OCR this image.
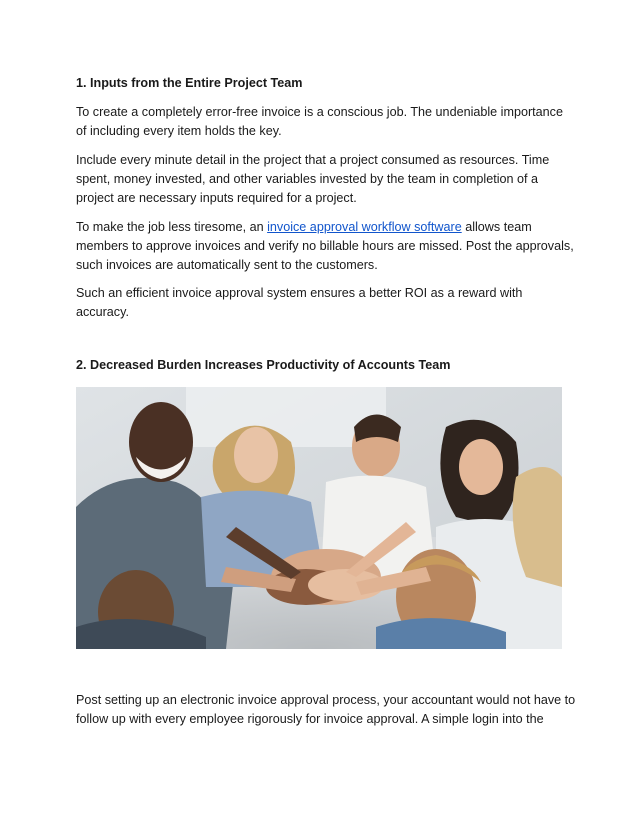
1. Inputs from the Entire Project Team

To create a completely error-free invoice is a conscious job. The undeniable importance of including every item holds the key.

Include every minute detail in the project that a project consumed as resources. Time spent, money invested, and other variables invested by the team in completion of a project are necessary inputs required for a project.

To make the job less tiresome, an invoice approval workflow software allows team members to approve invoices and verify no billable hours are missed. Post the approvals, such invoices are automatically sent to the customers.

Such an efficient invoice approval system ensures a better ROI as a reward with accuracy.

2. Decreased Burden Increases Productivity of Accounts Team

Post setting up an electronic invoice approval process, your accountant would not have to follow up with every employee rigorously for invoice approval. A simple login into the
